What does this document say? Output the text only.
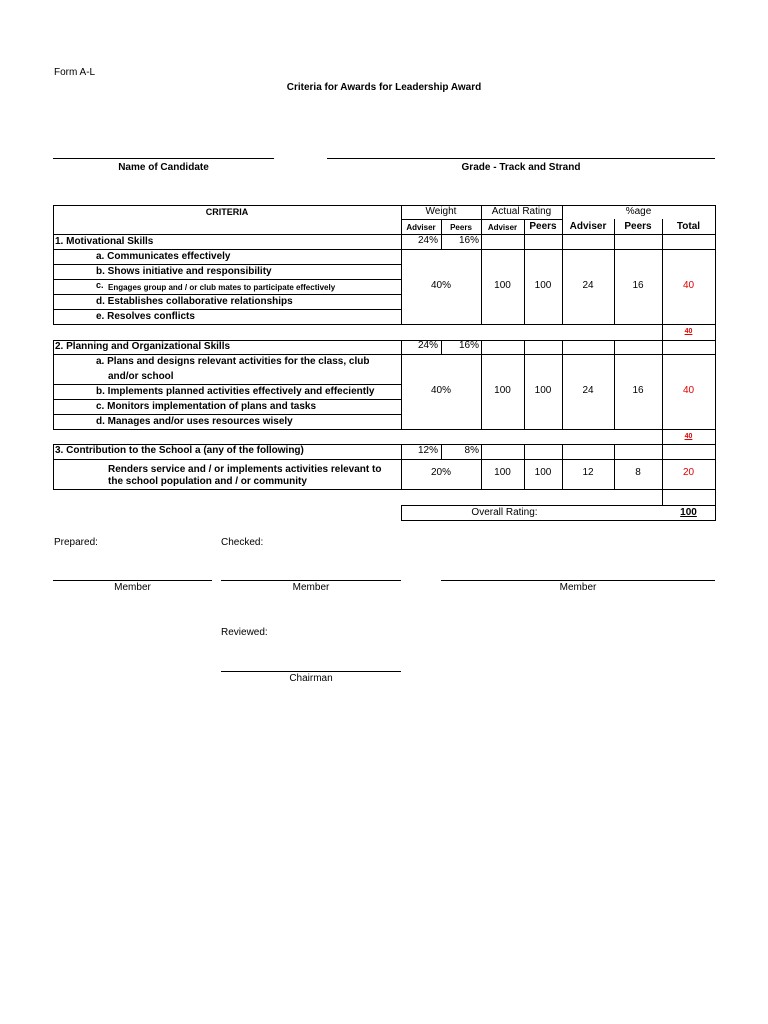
Form A-L
Criteria for Awards for Leadership Award
Name of Candidate	Grade - Track and Strand
CRITERIA	Weight	Actual Rating	%age
Adviser	Peers	Adviser	Peers	Adviser	Peers	Total
1. Motivational Skills	24%	16%
a. Communicates effectively
b. Shows initiative and responsibility
c. Engages group and / or club mates to participate effectively
d. Establishes collaborative relationships
e. Resolves conflicts
40%	100	100	24	16	40
40
2. Planning and Organizational Skills	24%	16%
a. Plans and designs relevant activities for the class, club
and/or school
b. Implements planned activities effectively and effeciently
c. Monitors implementation of plans and tasks
d. Manages and/or uses resources wisely
40%	100	100	24	16	40
40
3. Contribution to the School a (any of the following)	12%	8%
Renders service and / or implements activities relevant to
the school population and / or community
20%	100	100	12	8	20
Overall Rating:	100
Prepared:	Checked:
Member	Member	Member
Reviewed:
Chairman
